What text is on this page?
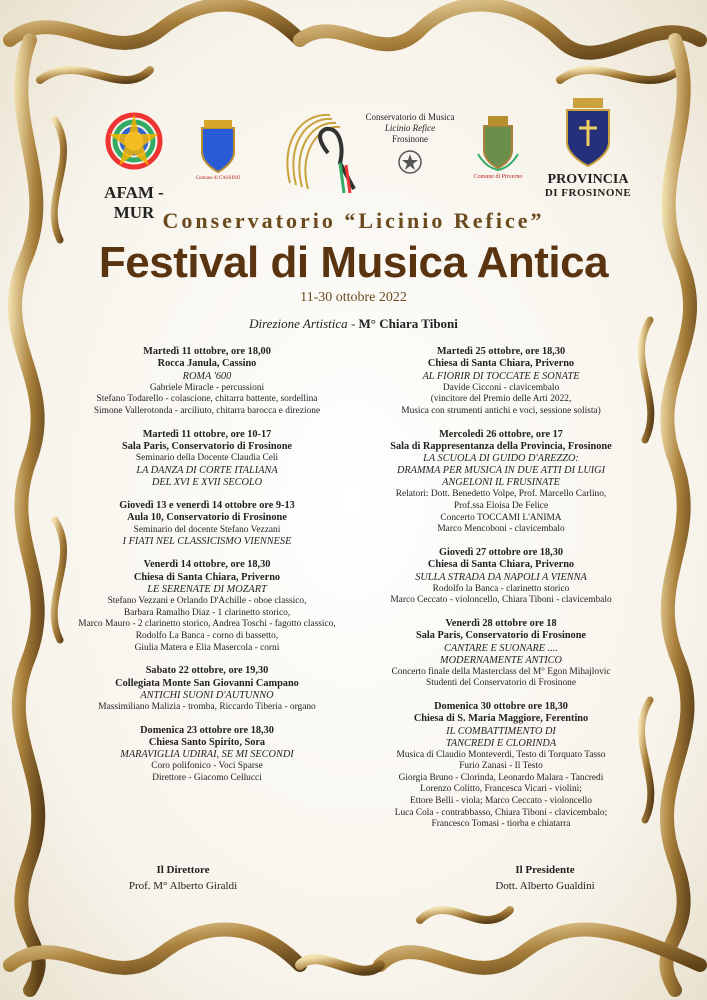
AFAM - MUR
Comune di CASSINO
Conservatorio di Musica
Licinio Refice
Frosinone
Comune di Priverno	PROVINCIA
DI FROSINONE
Conservatorio “Licinio Refice”
Festival di Musica Antica
11-30 ottobre 2022
Direzione Artistica - M° Chiara Tiboni
Martedì 11 ottobre, ore 18,00
Rocca Janula, Cassino
ROMA '600
Gabriele Miracle - percussioni
Stefano Todarello - colascione, chitarra battente, sordellina
Simone Vallerotonda - arciliuto, chitarra barocca e direzione
Martedì 11 ottobre, ore 10-17
Sala Paris, Conservatorio di Frosinone
Seminario della Docente Claudia Celi
LA DANZA DI CORTE ITALIANA
DEL XVI E XVII SECOLO
Giovedì 13 e venerdì 14 ottobre ore 9-13
Aula 10, Conservatorio di Frosinone
Seminario del docente Stefano Vezzani
I FIATI NEL CLASSICISMO VIENNESE
Venerdì 14 ottobre, ore 18,30
Chiesa di Santa Chiara, Priverno
LE SERENATE DI MOZART
Stefano Vezzani e Orlando D'Achille - oboe classico,
Barbara Ramalho Diaz - 1 clarinetto storico,
Marco Mauro - 2 clarinetto storico, Andrea Toschi - fagotto classico,
Rodolfo La Banca - corno di bassetto,
Giulia Matera e Elia Masercola - corni
Sabato 22 ottobre, ore 19,30
Collegiata Monte San Giovanni Campano
ANTICHI SUONI D'AUTUNNO
Massimiliano Malizia - tromba, Riccardo Tiberia - organo
Domenica 23 ottobre ore 18,30
Chiesa Santo Spirito, Sora
MARAVIGLIA UDIRAI, SE MI SECONDI
Coro polifonico - Voci Sparse
Direttore - Giacomo Cellucci
Martedì 25 ottobre, ore 18,30
Chiesa di Santa Chiara, Priverno
AL FIORIR DI TOCCATE E SONATE
Davide Cicconi - clavicembalo
(vincitore del Premio delle Arti 2022,
Musica con strumenti antichi e voci, sessione solista)
Mercoledì 26 ottobre, ore 17
Sala di Rappresentanza della Provincia, Frosinone
LA SCUOLA DI GUIDO D'AREZZO:
DRAMMA PER MUSICA IN DUE ATTI DI LUIGI
ANGELONI IL FRUSINATE
Relatori: Dott. Benedetto Volpe, Prof. Marcello Carlino,
Prof.ssa Eloisa De Felice
Concerto TOCCAMI L'ANIMA
Marco Mencoboni - clavicembalo
Giovedì 27 ottobre ore 18,30
Chiesa di Santa Chiara, Priverno
SULLA STRADA DA NAPOLI A VIENNA
Rodolfo la Banca - clarinetto storico
Marco Ceccato - violoncello, Chiara Tiboni - clavicembalo
Venerdì 28 ottobre ore 18
Sala Paris, Conservatorio di Frosinone
CANTARE E SUONARE ....
MODERNAMENTE ANTICO
Concerto finale della Masterclass del M° Egon Mihajlovic
Studenti del Conservatorio di Frosinone
Domenica 30 ottobre ore 18,30
Chiesa di S. Maria Maggiore, Ferentino
IL COMBATTIMENTO DI
TANCREDI E CLORINDA
Musica di Claudio Monteverdi, Testo di Torquato Tasso
Furio Zanasi - Il Testo
Giorgia Bruno - Clorinda, Leonardo Malara - Tancredi
Lorenzo Colitto, Francesca Vicari - violini;
Ettore Belli - viola; Marco Ceccato - violoncello
Luca Cola - contrabbasso, Chiara Tiboni - clavicembalo;
Francesco Tomasi - tiorba e chiatarra
Il Direttore
Prof. M° Alberto Giraldi
Il Presidente
Dott. Alberto Gualdini
